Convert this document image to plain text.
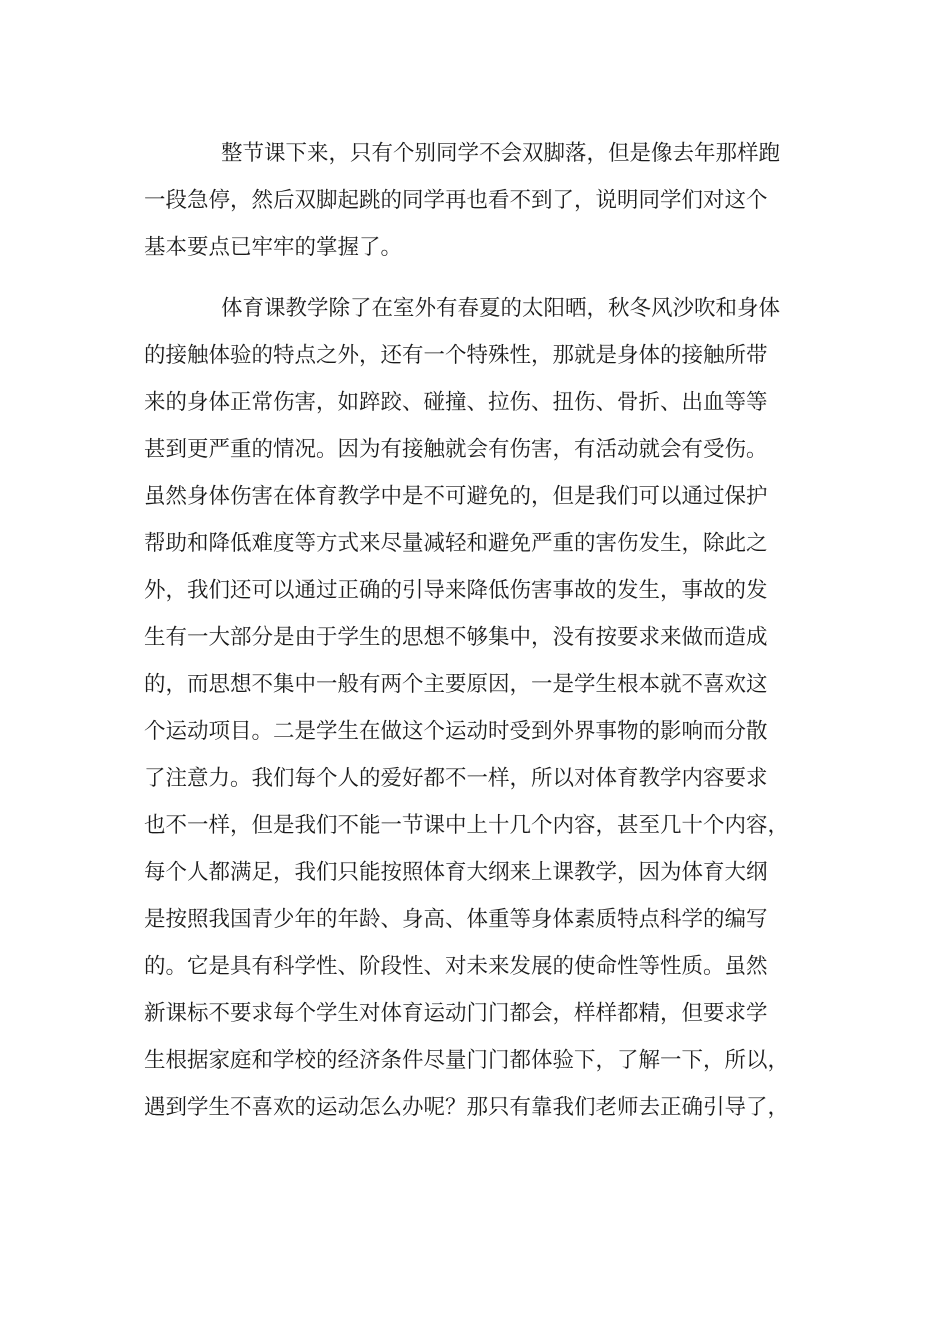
整节课下来，只有个别同学不会双脚落，但是像去年那样跑
一段急停，然后双脚起跳的同学再也看不到了，说明同学们对这个
基本要点已牢牢的掌握了。
体育课教学除了在室外有春夏的太阳晒，秋冬风沙吹和身体
的接触体验的特点之外，还有一个特殊性，那就是身体的接触所带
来的身体正常伤害，如踤跤、碰撞、拉伤、扭伤、骨折、出血等等
甚到更严重的情况。因为有接触就会有伤害，有活动就会有受伤。
虽然身体伤害在体育教学中是不可避免的，但是我们可以通过保护
帮助和降低难度等方式来尽量减轻和避免严重的害伤发生，除此之
外，我们还可以通过正确的引导来降低伤害事故的发生，事故的发
生有一大部分是由于学生的思想不够集中，没有按要求来做而造成
的，而思想不集中一般有两个主要原因，一是学生根本就不喜欢这
个运动项目。二是学生在做这个运动时受到外界事物的影响而分散
了注意力。我们每个人的爱好都不一样，所以对体育教学内容要求
也不一样，但是我们不能一节课中上十几个内容，甚至几十个内容，
每个人都满足，我们只能按照体育大纲来上课教学，因为体育大纲
是按照我国青少年的年龄、身高、体重等身体素质特点科学的编写
的。它是具有科学性、阶段性、对未来发展的使命性等性质。虽然
新课标不要求每个学生对体育运动门门都会，样样都精，但要求学
生根据家庭和学校的经济条件尽量门门都体验下，了解一下，所以，
遇到学生不喜欢的运动怎么办呢？那只有靠我们老师去正确引导了，
